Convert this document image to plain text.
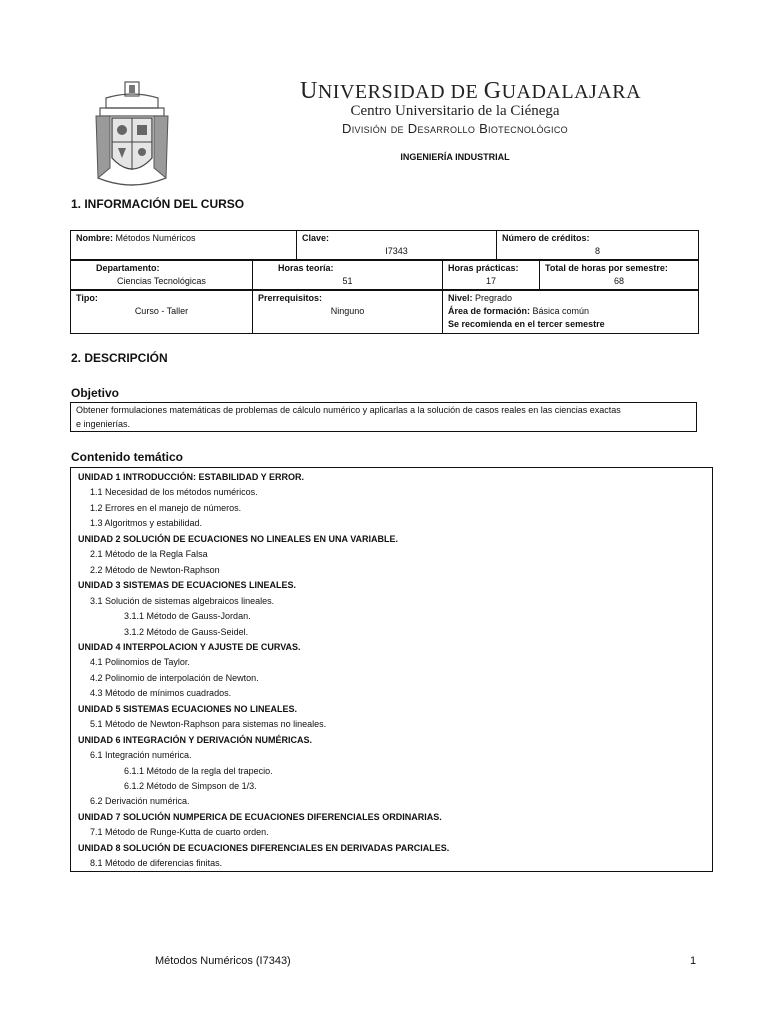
UNIVERSIDAD DE GUADALAJARA
Centro Universitario de la Ciénega
División de Desarrollo Biotecnológico
INGENIERÍA INDUSTRIAL
1. INFORMACIÓN DEL CURSO
Nombre: Métodos Numéricos	Clave:
I7343

Número de créditos:
8
Departamento:
Ciencias Tecnológicas

Horas teoría:
51

Horas prácticas:
17

Total de horas por semestre:
68
Tipo:
Curso - Taller

Prerrequisitos:
Ninguno

Nivel: Pregrado
Área de formación: Básica común
Se recomienda en el tercer semestre
2. DESCRIPCIÓN
Objetivo
Obtener formulaciones matemáticas de problemas de cálculo numérico y aplicarlas a la solución de casos reales en las ciencias exactas
e ingenierías.
Contenido temático
UNIDAD 1 INTRODUCCIÓN: ESTABILIDAD Y ERROR.
1.1 Necesidad de los métodos numéricos.
1.2 Errores en el manejo de números.
1.3 Algoritmos y estabilidad.
UNIDAD 2 SOLUCIÓN DE ECUACIONES NO LINEALES EN UNA VARIABLE.
2.1 Método de la Regla Falsa
2.2 Método de Newton-Raphson
UNIDAD 3 SISTEMAS DE ECUACIONES LINEALES.
3.1 Solución de sistemas algebraicos lineales.
3.1.1 Método de Gauss-Jordan.
3.1.2 Método de Gauss-Seidel.
UNIDAD 4 INTERPOLACION Y AJUSTE DE CURVAS.
4.1 Polinomios de Taylor.
4.2 Polinomio de interpolación de Newton.
4.3 Método de mínimos cuadrados.
UNIDAD 5 SISTEMAS ECUACIONES NO LINEALES.
5.1 Método de Newton-Raphson para sistemas no lineales.
UNIDAD 6 INTEGRACIÓN Y DERIVACIÓN NUMÉRICAS.
6.1 Integración numérica.
6.1.1 Método de la regla del trapecio.
6.1.2 Método de Simpson de 1/3.
6.2 Derivación numérica.
UNIDAD 7 SOLUCIÓN NUMPERICA DE ECUACIONES DIFERENCIALES ORDINARIAS.
7.1 Método de Runge-Kutta de cuarto orden.
UNIDAD 8 SOLUCIÓN DE ECUACIONES DIFERENCIALES EN DERIVADAS PARCIALES.
8.1 Método de diferencias finitas.
Métodos Numéricos (I7343)	1
